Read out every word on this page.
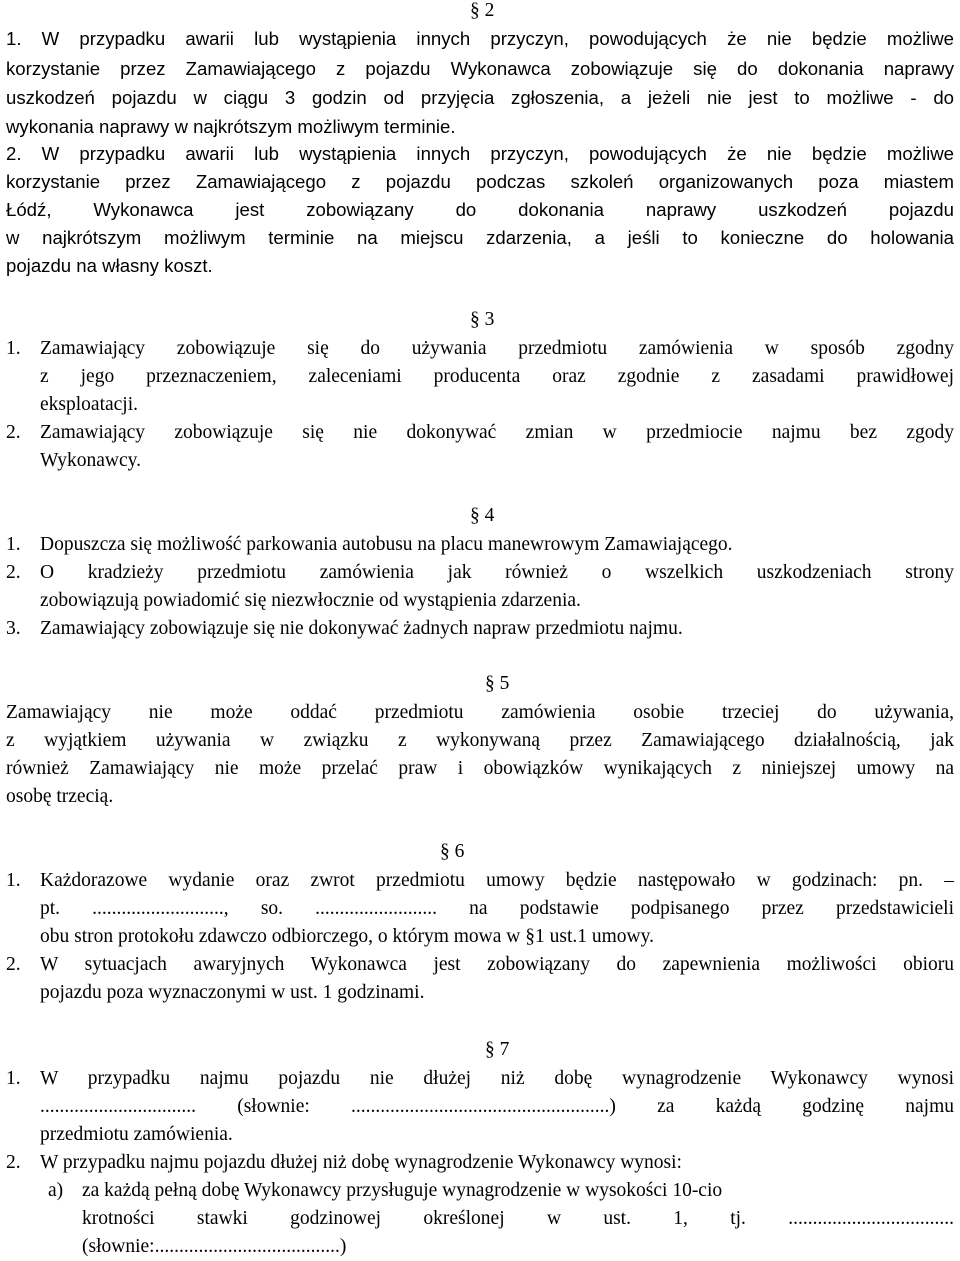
§ 2
1. W przypadku awarii lub wystąpienia innych przyczyn, powodujących że nie będzie możliwe
korzystanie przez Zamawiającego z pojazdu Wykonawca zobowiązuje się do dokonania naprawy
uszkodzeń pojazdu w ciągu 3 godzin od przyjęcia zgłoszenia, a jeżeli nie jest to możliwe - do
wykonania naprawy w najkrótszym możliwym terminie.
2. W przypadku awarii lub wystąpienia innych przyczyn, powodujących że nie będzie możliwe
korzystanie przez Zamawiającego z pojazdu podczas szkoleń organizowanych poza miastem
Łódź, Wykonawca jest zobowiązany do dokonania naprawy uszkodzeń pojazdu
w najkrótszym możliwym terminie na miejscu zdarzenia, a jeśli to konieczne do holowania
pojazdu na własny koszt.
§ 3
1. Zamawiający zobowiązuje się do używania przedmiotu zamówienia w sposób zgodny
z jego przeznaczeniem, zaleceniami producenta oraz zgodnie z zasadami prawidłowej
eksploatacji.
2. Zamawiający zobowiązuje się nie dokonywać zmian w przedmiocie najmu bez zgody
Wykonawcy.
§ 4
1. Dopuszcza się możliwość parkowania autobusu na placu manewrowym Zamawiającego.
2. O kradzieży przedmiotu zamówienia jak również o wszelkich uszkodzeniach strony
zobowiązują powiadomić się niezwłocznie od wystąpienia zdarzenia.
3. Zamawiający zobowiązuje się nie dokonywać żadnych napraw przedmiotu najmu.
§ 5
Zamawiający nie może oddać przedmiotu zamówienia osobie trzeciej do używania,
z wyjątkiem używania w związku z wykonywaną przez Zamawiającego działalnością, jak
również Zamawiający nie może przelać praw i obowiązków wynikających z niniejszej umowy na
osobę trzecią.
§ 6
1. Każdorazowe wydanie oraz zwrot przedmiotu umowy będzie następowało w godzinach: pn. –
pt. ..........................., so. ......................... na podstawie podpisanego przez przedstawicieli
obu stron protokołu zdawczo odbiorczego, o którym mowa w §1 ust.1 umowy.
2. W sytuacjach awaryjnych Wykonawca jest zobowiązany do zapewnienia możliwości obioru
pojazdu poza wyznaczonymi w ust. 1 godzinami.
§ 7
1. W przypadku najmu pojazdu nie dłużej niż dobę wynagrodzenie Wykonawcy wynosi
................................ (słownie: .....................................................) za każdą godzinę najmu
przedmiotu zamówienia.
2. W przypadku najmu pojazdu dłużej niż dobę wynagrodzenie Wykonawcy wynosi:
a) za każdą pełną dobę Wykonawcy przysługuje wynagrodzenie w wysokości 10-cio
krotności stawki godzinowej określonej w ust. 1, tj. ..................................
(słownie:......................................)
